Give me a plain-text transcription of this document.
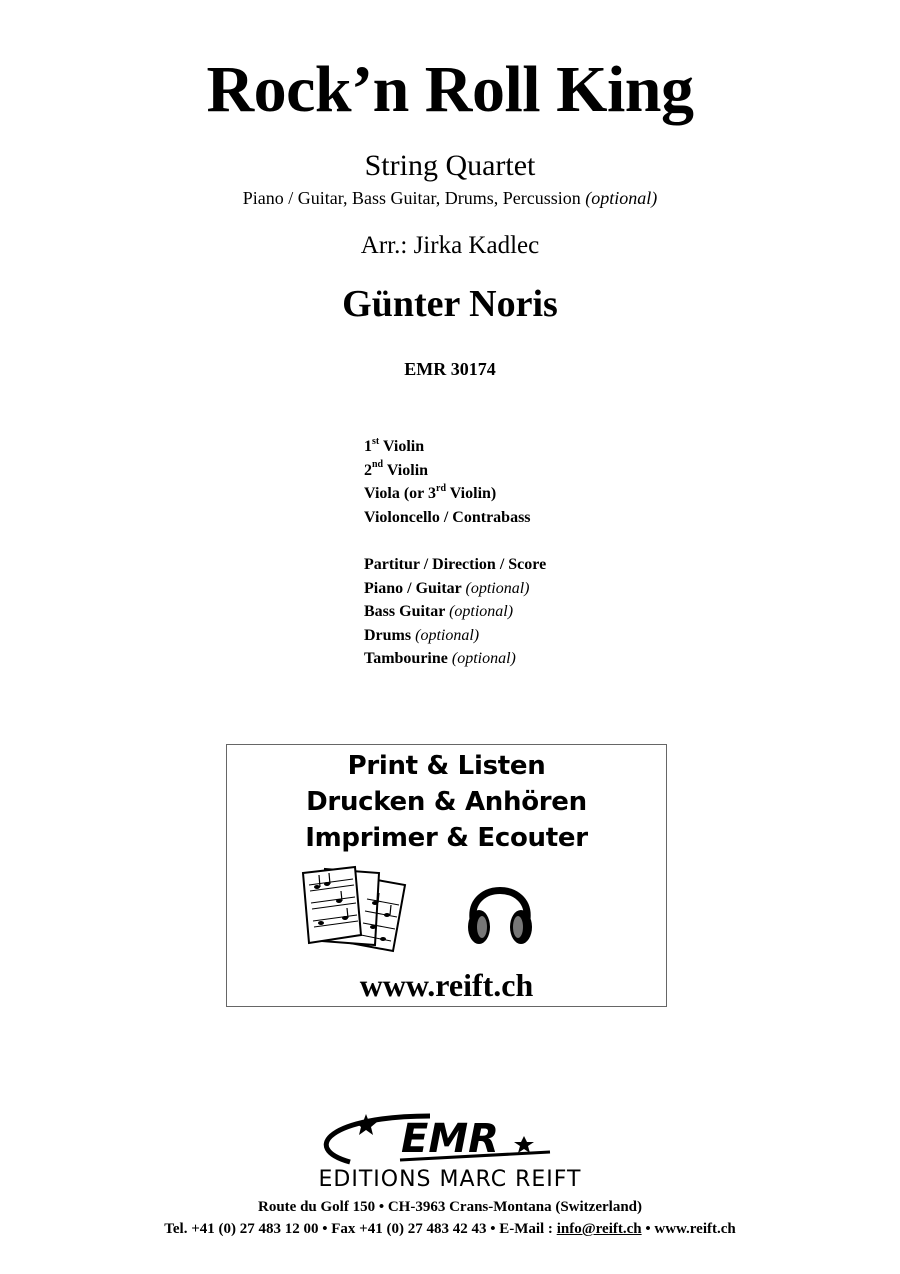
Rock’n Roll King
String Quartet
Piano / Guitar, Bass Guitar, Drums, Percussion (optional)
Arr.: Jirka Kadlec
Günter Noris
EMR 30174
1st Violin
2nd Violin
Viola (or 3rd Violin)
Violoncello / Contrabass
Partitur / Direction / Score
Piano / Guitar (optional)
Bass Guitar (optional)
Drums (optional)
Tambourine (optional)
Print & Listen
Drucken & Anhören
Imprimer & Ecouter
www.reift.ch
EMR
EDITIONS MARC REIFT
Route du Golf 150 • CH-3963 Crans-Montana (Switzerland)
Tel. +41 (0) 27 483 12 00 • Fax +41 (0) 27 483 42 43 • E-Mail : info@reift.ch • www.reift.ch
